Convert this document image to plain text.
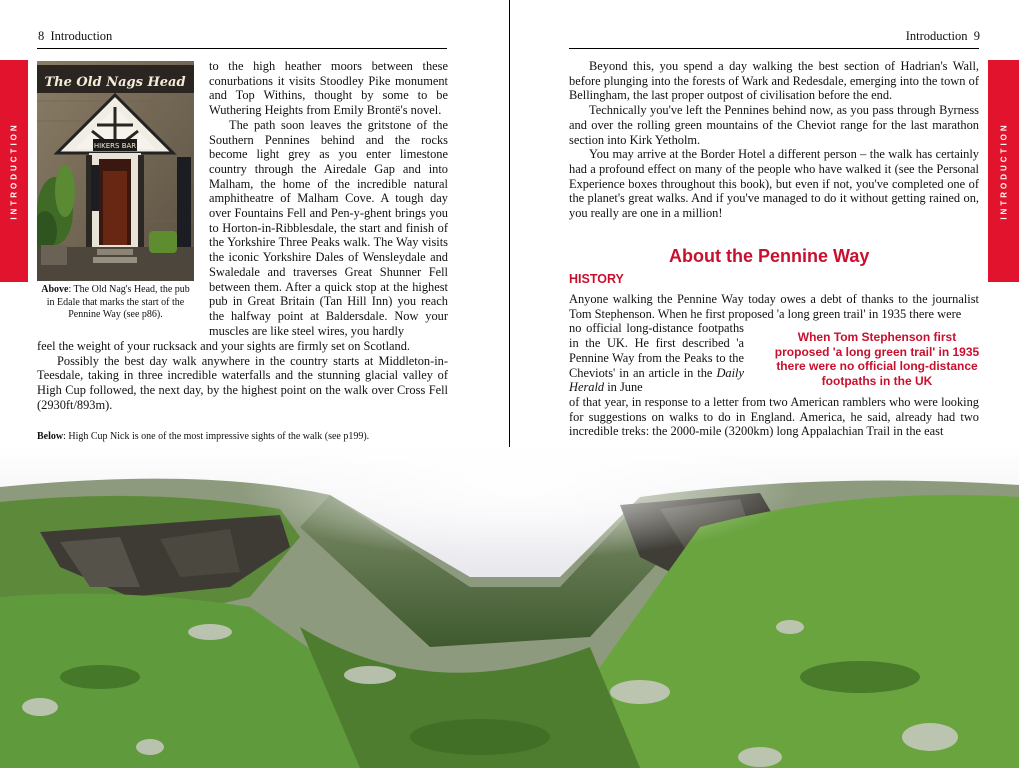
8 Introduction
INTRODUCTION
The Old Nags Head
HIKERS BAR
Above: The Old Nag's Head, the pub in Edale that marks the start of the Pennine Way (see p86).

to the high heather moors between these conurbations it visits Stoodley Pike monument and Top Withins, thought by some to be Wuthering Heights from Emily Brontë's novel.

The path soon leaves the gritstone of the Southern Pennines behind and the rocks become light grey as you enter limestone country through the Airedale Gap and into Malham, the home of the incredible natural amphitheatre of Malham Cove. A tough day over Fountains Fell and Pen-y-ghent brings you to Horton-in-Ribblesdale, the start and finish of the Yorkshire Three Peaks walk. The Way visits the iconic Yorkshire Dales of Wensleydale and Swaledale and traverses Great Shunner Fell between them. After a quick stop at the highest pub in Great Britain (Tan Hill Inn) you reach the halfway point at Baldersdale. Now your muscles are like steel wires, you hardly

feel the weight of your rucksack and your sights are firmly set on Scotland.

Possibly the best day walk anywhere in the country starts at Middleton-in-Teesdale, taking in three incredible waterfalls and the stunning glacial valley of High Cup followed, the next day, by the highest point on the walk over Cross Fell (2930ft/893m).

Below: High Cup Nick is one of the most impressive sights of the walk (see p199).
Introduction 9
INTRODUCTION

Beyond this, you spend a day walking the best section of Hadrian's Wall, before plunging into the forests of Wark and Redesdale, emerging into the town of Bellingham, the last proper outpost of civilisation before the end.

Technically you've left the Pennines behind now, as you pass through Byrness and over the rolling green mountains of the Cheviot range for the last marathon section into Kirk Yetholm.

You may arrive at the Border Hotel a different person – the walk has certainly had a profound effect on many of the people who have walked it (see the Personal Experience boxes throughout this book), but even if not, you've completed one of the planet's great walks. And if you've managed to do it without getting rained on, you really are one in a million!

About the Pennine Way
HISTORY

Anyone walking the Pennine Way today owes a debt of thanks to the journalist Tom Stephenson. When he first proposed 'a long green trail' in 1935 there were

no official long-distance footpaths in the UK. He first described 'a Pennine Way from the Peaks to the Cheviots' in an article in the Daily Herald in June

of that year, in response to a letter from two American ramblers who were looking for suggestions on walks to do in England. America, he said, already had two incredible treks: the 2000-mile (3200km) long Appalachian Trail in the east

When Tom Stephenson first proposed 'a long green trail' in 1935 there were no official long-distance footpaths in the UK
